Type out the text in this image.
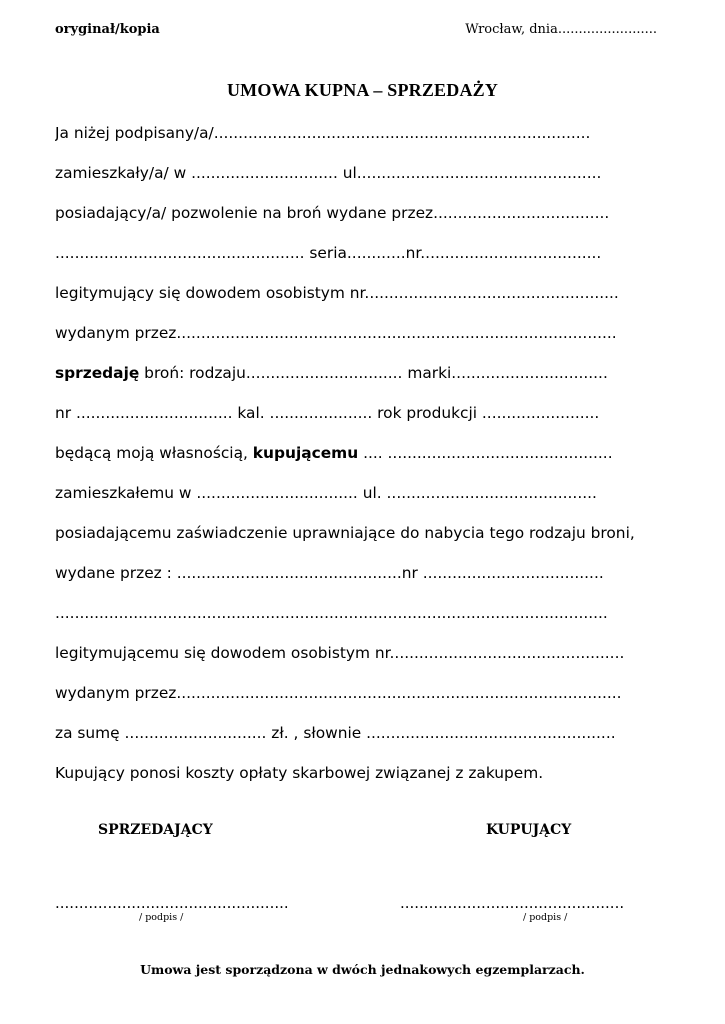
oryginał/kopia	Wrocław, dnia........................
UMOWA KUPNA – SPRZEDAŻY
Ja niżej podpisany/a/.............................................................................
zamieszkały/a/ w .............................. ul..................................................
posiadający/a/ pozwolenie na broń wydane przez....................................
................................................... seria............nr.....................................
legitymujący się dowodem osobistym nr....................................................
wydanym przez..........................................................................................
sprzedaję broń: rodzaju................................ marki................................
nr ................................ kal. ..................... rok produkcji ........................
będącą moją własnością, kupującemu .... ..............................................
zamieszkałemu w ................................. ul. ...........................................
posiadającemu zaświadczenie uprawniające do nabycia tego rodzaju broni,
wydane przez : ..............................................nr .....................................
.................................................................................................................
legitymującemu się dowodem osobistym nr................................................
wydanym przez...........................................................................................
za sumę ............................. zł. , słownie ...................................................
Kupujący ponosi koszty opłaty skarbowej związanej z zakupem.
SPRZEDAJĄCY	KUPUJĄCY
.................................................	...............................................
/ podpis /	/ podpis /
Umowa jest sporządzona w dwóch jednakowych egzemplarzach.
